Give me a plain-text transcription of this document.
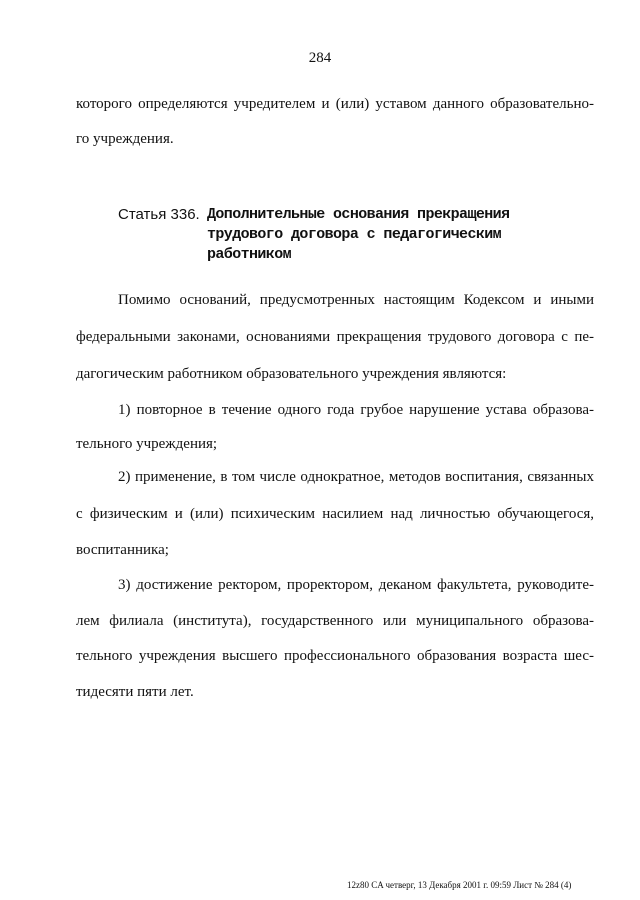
284
которого определяются учредителем и (или) уставом данного образовательно-
го учреждения.
Статья 336. Дополнительные основания прекращения
трудового договора с педагогическим
работником
Помимо оснований, предусмотренных настоящим Кодексом и иными
федеральными законами, основаниями прекращения трудового договора с пе-
дагогическим работником образовательного учреждения являются:
1) повторное в течение одного года грубое нарушение устава образова-
тельного учреждения;
2) применение, в том числе однократное, методов воспитания, связанных
с физическим и (или) психическим насилием над личностью обучающегося,
воспитанника;
3) достижение ректором, проректором, деканом факультета, руководите-
лем филиала (института), государственного или муниципального образова-
тельного учреждения высшего профессионального образования возраста шес-
тидесяти пяти лет.
12z80 CA четверг, 13 Декабря 2001 г. 09:59 Лист № 284 (4)
